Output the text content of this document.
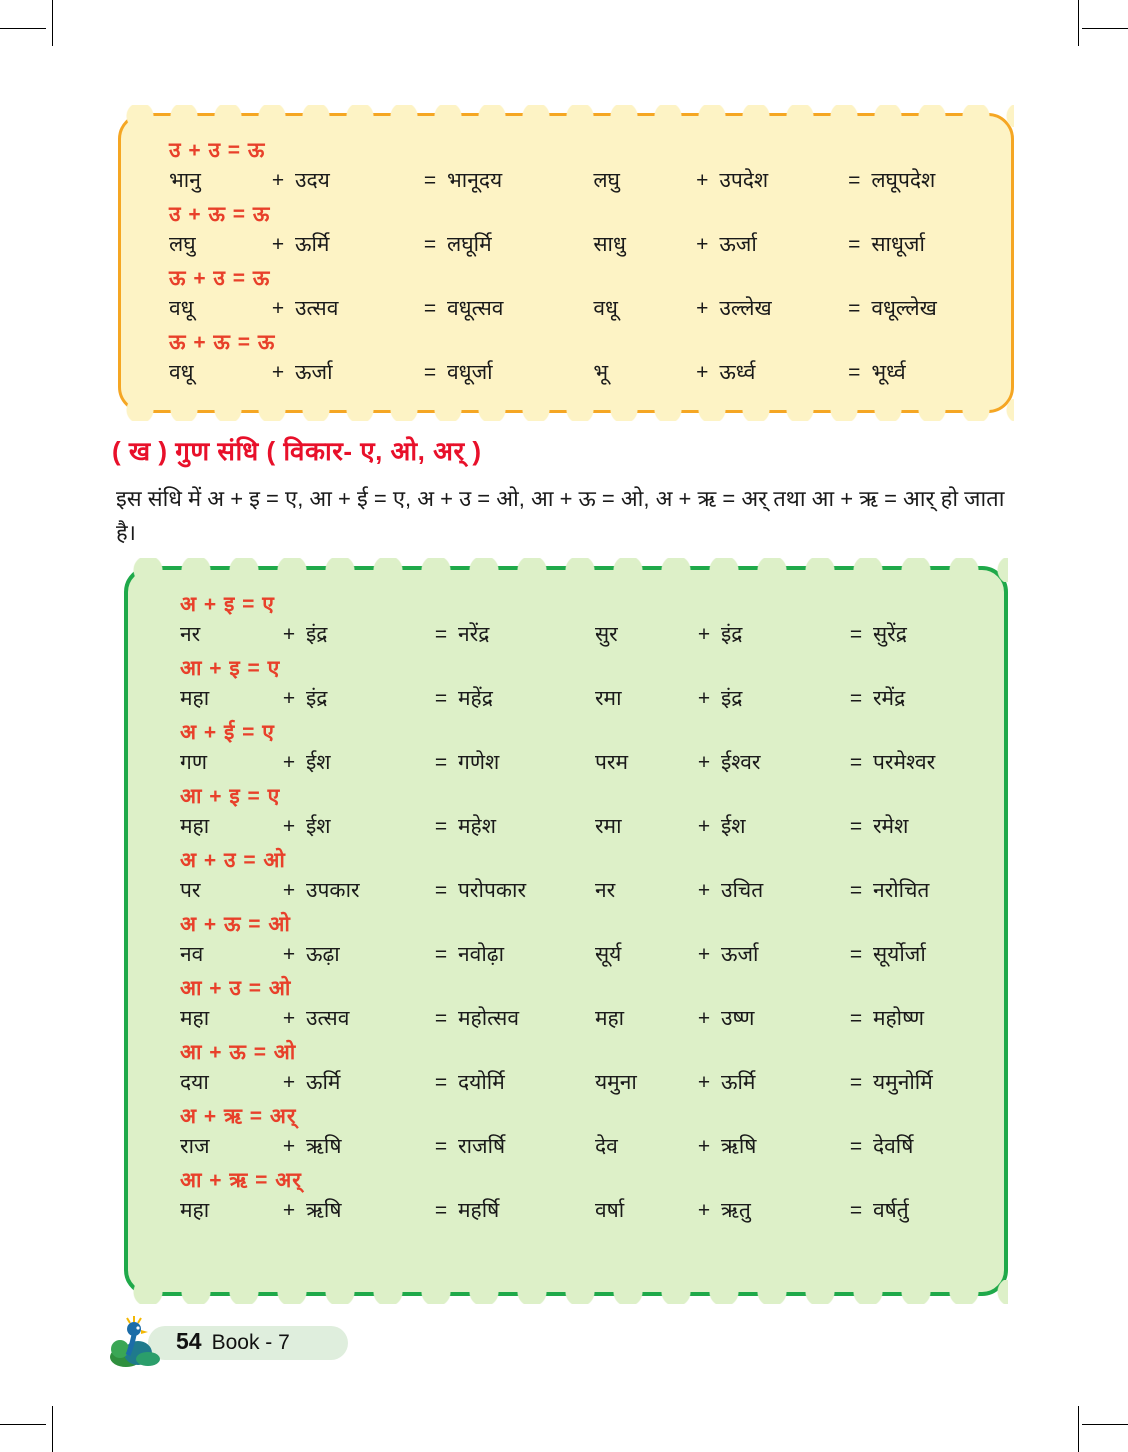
उ + उ = ऊ
भानु	+ उदय	= भानूदय	लघु	+ उपदेश	= लघूपदेश
उ + ऊ = ऊ
लघु	+ ऊर्मि	= लघूर्मि	साधु	+ ऊर्जा	= साधूर्जा
ऊ + उ = ऊ
वधू	+ उत्सव	= वधूत्सव	वधू	+ उल्लेख	= वधूल्लेख
ऊ + ऊ = ऊ
वधू	+ ऊर्जा	= वधूर्जा	भू	+ ऊर्ध्व	= भूर्ध्व
( ख ) गुण संधि ( विकार- ए, ओ, अर् )
इस संधि में अ + इ = ए, आ + ई = ए, अ + उ = ओ, आ + ऊ = ओ, अ + ऋ = अर् तथा आ + ऋ = आर् हो जाता है।
अ + इ = ए
नर	+ इंद्र	= नरेंद्र	सुर	+ इंद्र	= सुरेंद्र
आ + इ = ए
महा	+ इंद्र	= महेंद्र	रमा	+ इंद्र	= रमेंद्र
अ + ई = ए
गण	+ ईश	= गणेश	परम	+ ईश्वर	= परमेश्वर
आ + इ = ए
महा	+ ईश	= महेश	रमा	+ ईश	= रमेश
अ + उ = ओ
पर	+ उपकार	= परोपकार	नर	+ उचित	= नरोचित
अ + ऊ = ओ
नव	+ ऊढ़ा	= नवोढ़ा	सूर्य	+ ऊर्जा	= सूर्योर्जा
आ + उ = ओ
महा	+ उत्सव	= महोत्सव	महा	+ उष्ण	= महोष्ण
आ + ऊ = ओ
दया	+ ऊर्मि	= दयोर्मि	यमुना	+ ऊर्मि	= यमुनोर्मि
अ + ऋ = अर्
राज	+ ऋषि	= राजर्षि	देव	+ ऋषि	= देवर्षि
आ + ऋ = अर्
महा	+ ऋषि	= महर्षि	वर्षा	+ ऋतु	= वर्षर्तु
54 Book - 7
